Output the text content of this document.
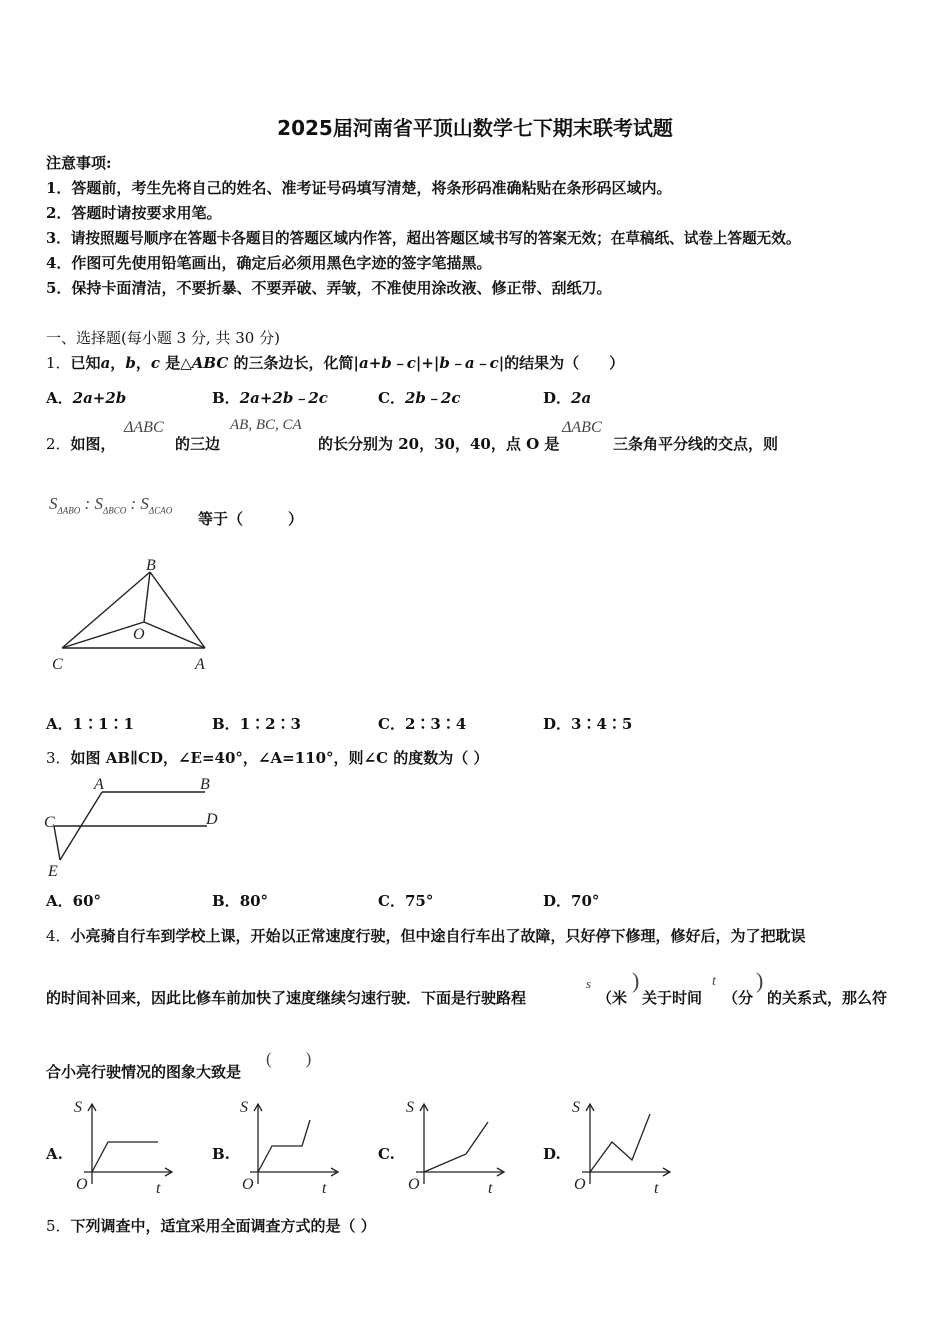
2025届河南省平顶山数学七下期末联考试题
注意事项:
1．答题前，考生先将自己的姓名、准考证号码填写清楚，将条形码准确粘贴在条形码区域内。
2．答题时请按要求用笔。
3．请按照题号顺序在答题卡各题目的答题区域内作答，超出答题区域书写的答案无效；在草稿纸、试卷上答题无效。
4．作图可先使用铅笔画出，确定后必须用黑色字迹的签字笔描黑。
5．保持卡面清洁，不要折暴、不要弄破、弄皱，不准使用涂改液、修正带、刮纸刀。
一、选择题(每小题 3 分, 共 30 分)
1．已知a，b，c 是△ABC 的三条边长，化简|a+b﹣c|+|b﹣a﹣c|的结果为（　　）
A．2a+2b	B．2a+2b﹣2c	C．2b﹣2c	D．2a
2．如图，
ΔABC
的三边
AB, BC, CA
的长分别为 20，30，40，点 O 是
ΔABC
三条角平分线的交点，则
$S_{\Delta ABO}$ : $S_{\Delta BCO}$ : $S_{\Delta CAO}$ 等于（　　　）
B
O
C	A
A．1∶1∶1	B．1∶2∶3	C．2∶3∶4	D．3∶4∶5
3．如图 AB∥CD，∠E=40°，∠A=110°，则∠C 的度数为（ ）
A	B
C	D
E
A．60°	B．80°	C．75°	D．70°
4．小亮骑自行车到学校上课，开始以正常速度行驶，但中途自行车出了故障，只好停下修理，修好后，为了把耽误
的时间补回来，因此比修车前加快了速度继续匀速行驶．下面是行驶路程
s
（米
)
关于时间
t
（分
)
的关系式，那么符
合小亮行驶情况的图象大致是
(　　)
A.
S
t
O
B.
S
t
O
C.
S
t
O
D.
S
t
O
5．下列调查中，适宜采用全面调查方式的是（ ）
